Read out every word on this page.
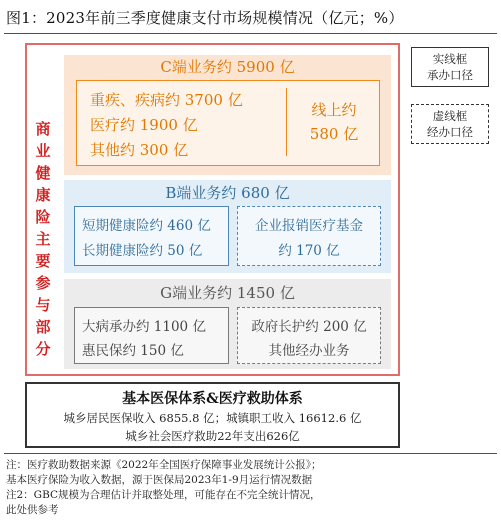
图1：2023年前三季度健康支付市场规模情况（亿元；%）
商业健康险主要参与部分
C端业务约 5900 亿
重疾、疾病约 3700 亿
医疗约 1900 亿
其他约 300 亿
线上约
580 亿
B端业务约 680 亿
短期健康险约 460 亿
长期健康险约 50 亿
企业报销医疗基金
约 170 亿
G端业务约 1450 亿
大病承办约 1100 亿
惠民保约 150 亿
政府长护约 200 亿
其他经办业务
实线框
承办口径
虚线框
经办口径
基本医保体系&医疗救助体系
城乡居民医保收入 6855.8 亿；城镇职工收入 16612.6 亿
城乡社会医疗救助22年支出626亿
注：医疗救助数据来源《2022年全国医疗保障事业发展统计公报》；
基本医疗保险为收入数据，源于医保局2023年1-9月运行情况数据
注2：GBC规模为合理估计并取整处理，可能存在不完全统计情况，
此处供参考
